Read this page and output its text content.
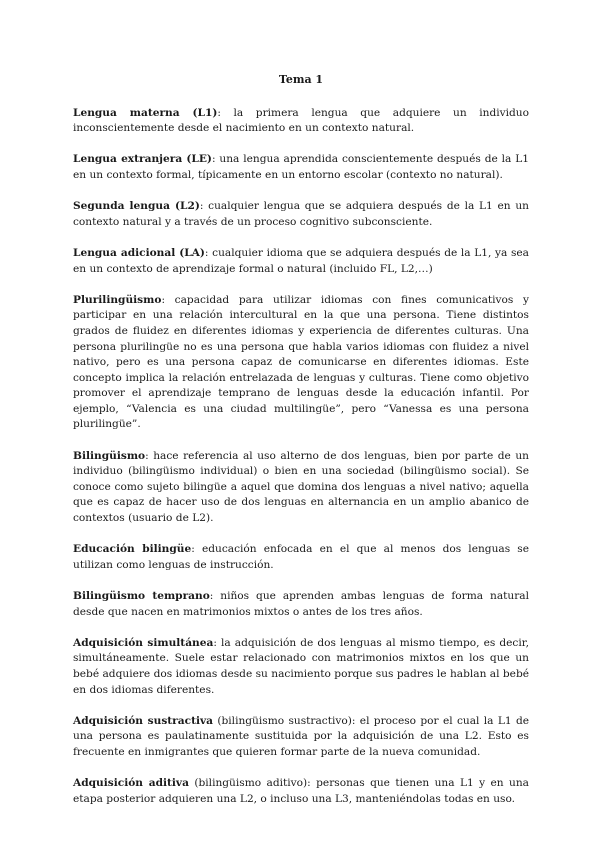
Tema 1

Lengua materna (L1): la primera lengua que adquiere un individuo inconscientemente desde el nacimiento en un contexto natural.

Lengua extranjera (LE): una lengua aprendida conscientemente después de la L1 en un contexto formal, típicamente en un entorno escolar (contexto no natural).

Segunda lengua (L2): cualquier lengua que se adquiera después de la L1 en un contexto natural y a través de un proceso cognitivo subconsciente.

Lengua adicional (LA): cualquier idioma que se adquiera después de la L1, ya sea en un contexto de aprendizaje formal o natural (incluido FL, L2,…)

Plurilingüismo: capacidad para utilizar idiomas con fines comunicativos y participar en una relación intercultural en la que una persona. Tiene distintos grados de fluidez en diferentes idiomas y experiencia de diferentes culturas. Una persona plurilingüe no es una persona que habla varios idiomas con fluidez a nivel nativo, pero es una persona capaz de comunicarse en diferentes idiomas. Este concepto implica la relación entrelazada de lenguas y culturas. Tiene como objetivo promover el aprendizaje temprano de lenguas desde la educación infantil. Por ejemplo, “Valencia es una ciudad multilingüe”, pero “Vanessa es una persona plurilingüe”.

Bilingüismo: hace referencia al uso alterno de dos lenguas, bien por parte de un individuo (bilingüismo individual) o bien en una sociedad (bilingüismo social). Se conoce como sujeto bilingüe a aquel que domina dos lenguas a nivel nativo; aquella que es capaz de hacer uso de dos lenguas en alternancia en un amplio abanico de contextos (usuario de L2).

Educación bilingüe: educación enfocada en el que al menos dos lenguas se utilizan como lenguas de instrucción.

Bilingüismo temprano: niños que aprenden ambas lenguas de forma natural desde que nacen en matrimonios mixtos o antes de los tres años.

Adquisición simultánea: la adquisición de dos lenguas al mismo tiempo, es decir, simultáneamente. Suele estar relacionado con matrimonios mixtos en los que un bebé adquiere dos idiomas desde su nacimiento porque sus padres le hablan al bebé en dos idiomas diferentes.

Adquisición sustractiva (bilingüismo sustractivo): el proceso por el cual la L1 de una persona es paulatinamente sustituida por la adquisición de una L2. Esto es frecuente en inmigrantes que quieren formar parte de la nueva comunidad.

Adquisición aditiva (bilingüismo aditivo): personas que tienen una L1 y en una etapa posterior adquieren una L2, o incluso una L3, manteniéndolas todas en uso.
